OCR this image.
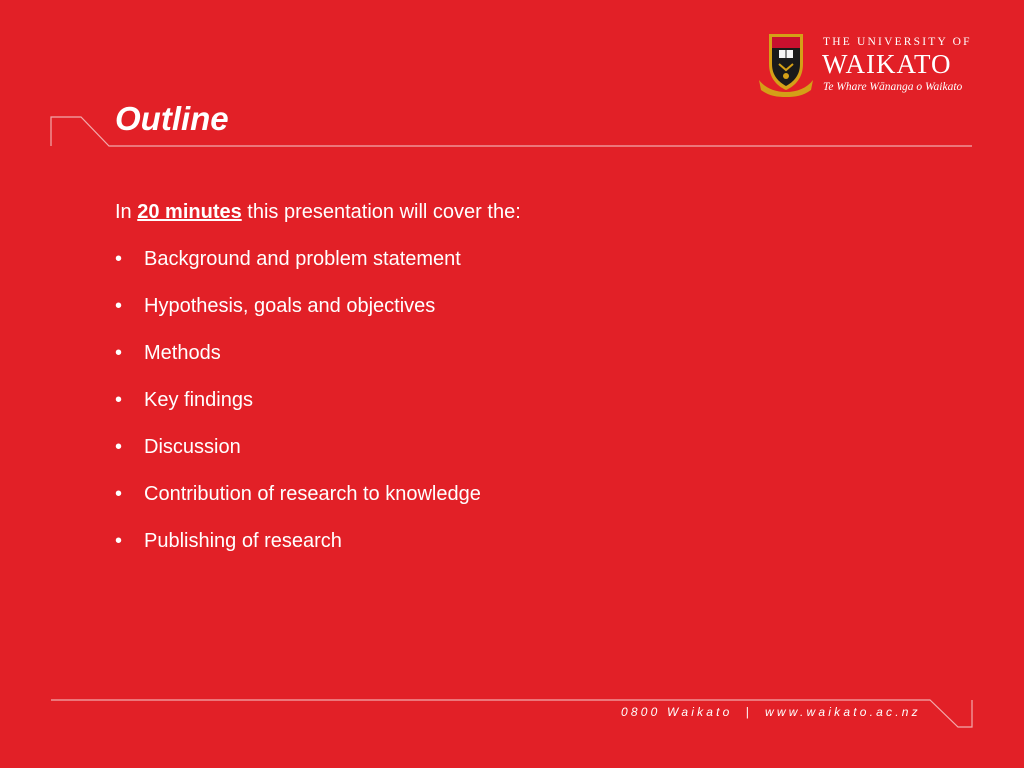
Outline
THE UNIVERSITY OF
WAIKATO
Te Whare Wānanga o Waikato

In 20 minutes this presentation will cover the:

• Background and problem statement
• Hypothesis, goals and objectives
• Methods
• Key findings
• Discussion
• Contribution of research to knowledge
• Publishing of research
0800 Waikato | www.waikato.ac.nz
